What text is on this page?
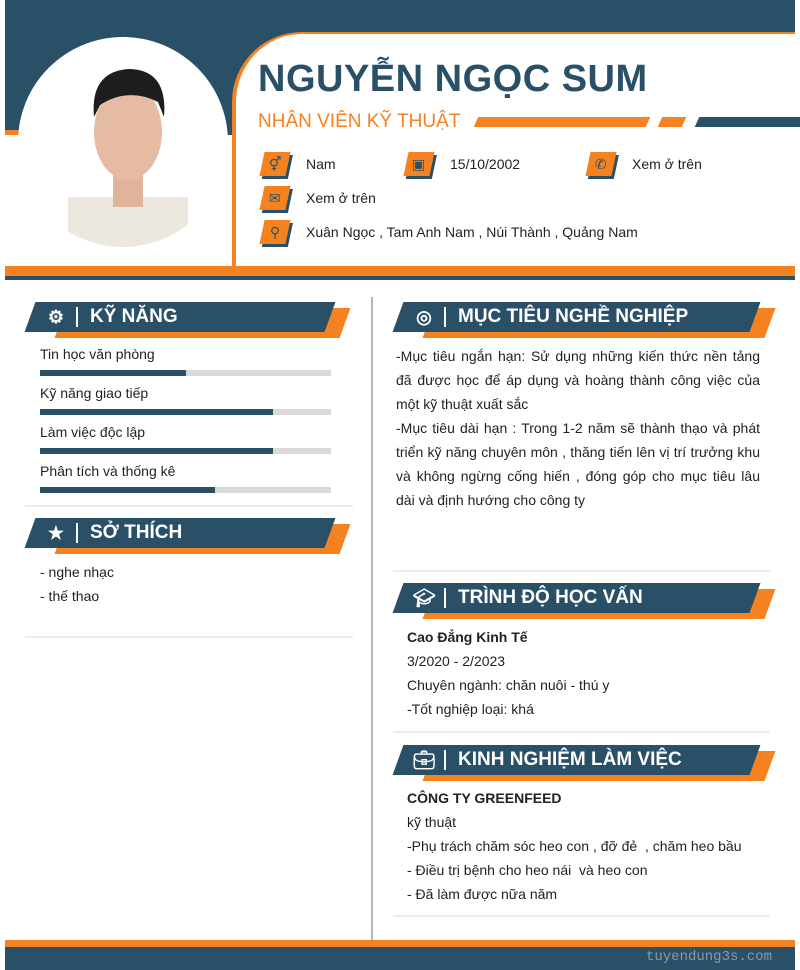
NGUYỄN NGỌC SUM
NHÂN VIÊN KỸ THUẬT
⚥ Nam	▣ 15/10/2002	✆ Xem ở trên
✉ Xem ở trên
⚲ Xuân Ngọc , Tam Anh Nam , Núi Thành , Quảng Nam
⚙ KỸ NĂNG
Tin học văn phòng
Kỹ năng giao tiếp
Làm việc độc lập
Phân tích và thống kê
★ SỞ THÍCH
- nghe nhạc
- thế thao
◎ MỤC TIÊU NGHỀ NGHIỆP
-Mục tiêu ngắn hạn: Sử dụng những kiến thức nền tảng đã được học để áp dụng và hoàng thành công việc của một kỹ thuật xuất sắc
-Mục tiêu dài hạn : Trong 1-2 năm sẽ thành thạo và phát triển kỹ năng chuyên môn , thăng tiến lên vị trí trưởng khu và không ngừng cống hiến , đóng góp cho mục tiêu lâu dài và định hướng cho công ty
🎓︎ TRÌNH ĐỘ HỌC VẤN
Cao Đẳng Kinh Tế
3/2020 - 2/2023
Chuyên ngành: chăn nuôi - thú y
-Tốt nghiệp loại: khá
💼︎ KINH NGHIỆM LÀM VIỆC
CÔNG TY GREENFEED
kỹ thuật
-Phụ trách chăm sóc heo con , đỡ đẻ  , chăm heo bầu
- Điều trị bệnh cho heo nái  và heo con
- Đã làm được nữa năm
tuyendung3s.com
